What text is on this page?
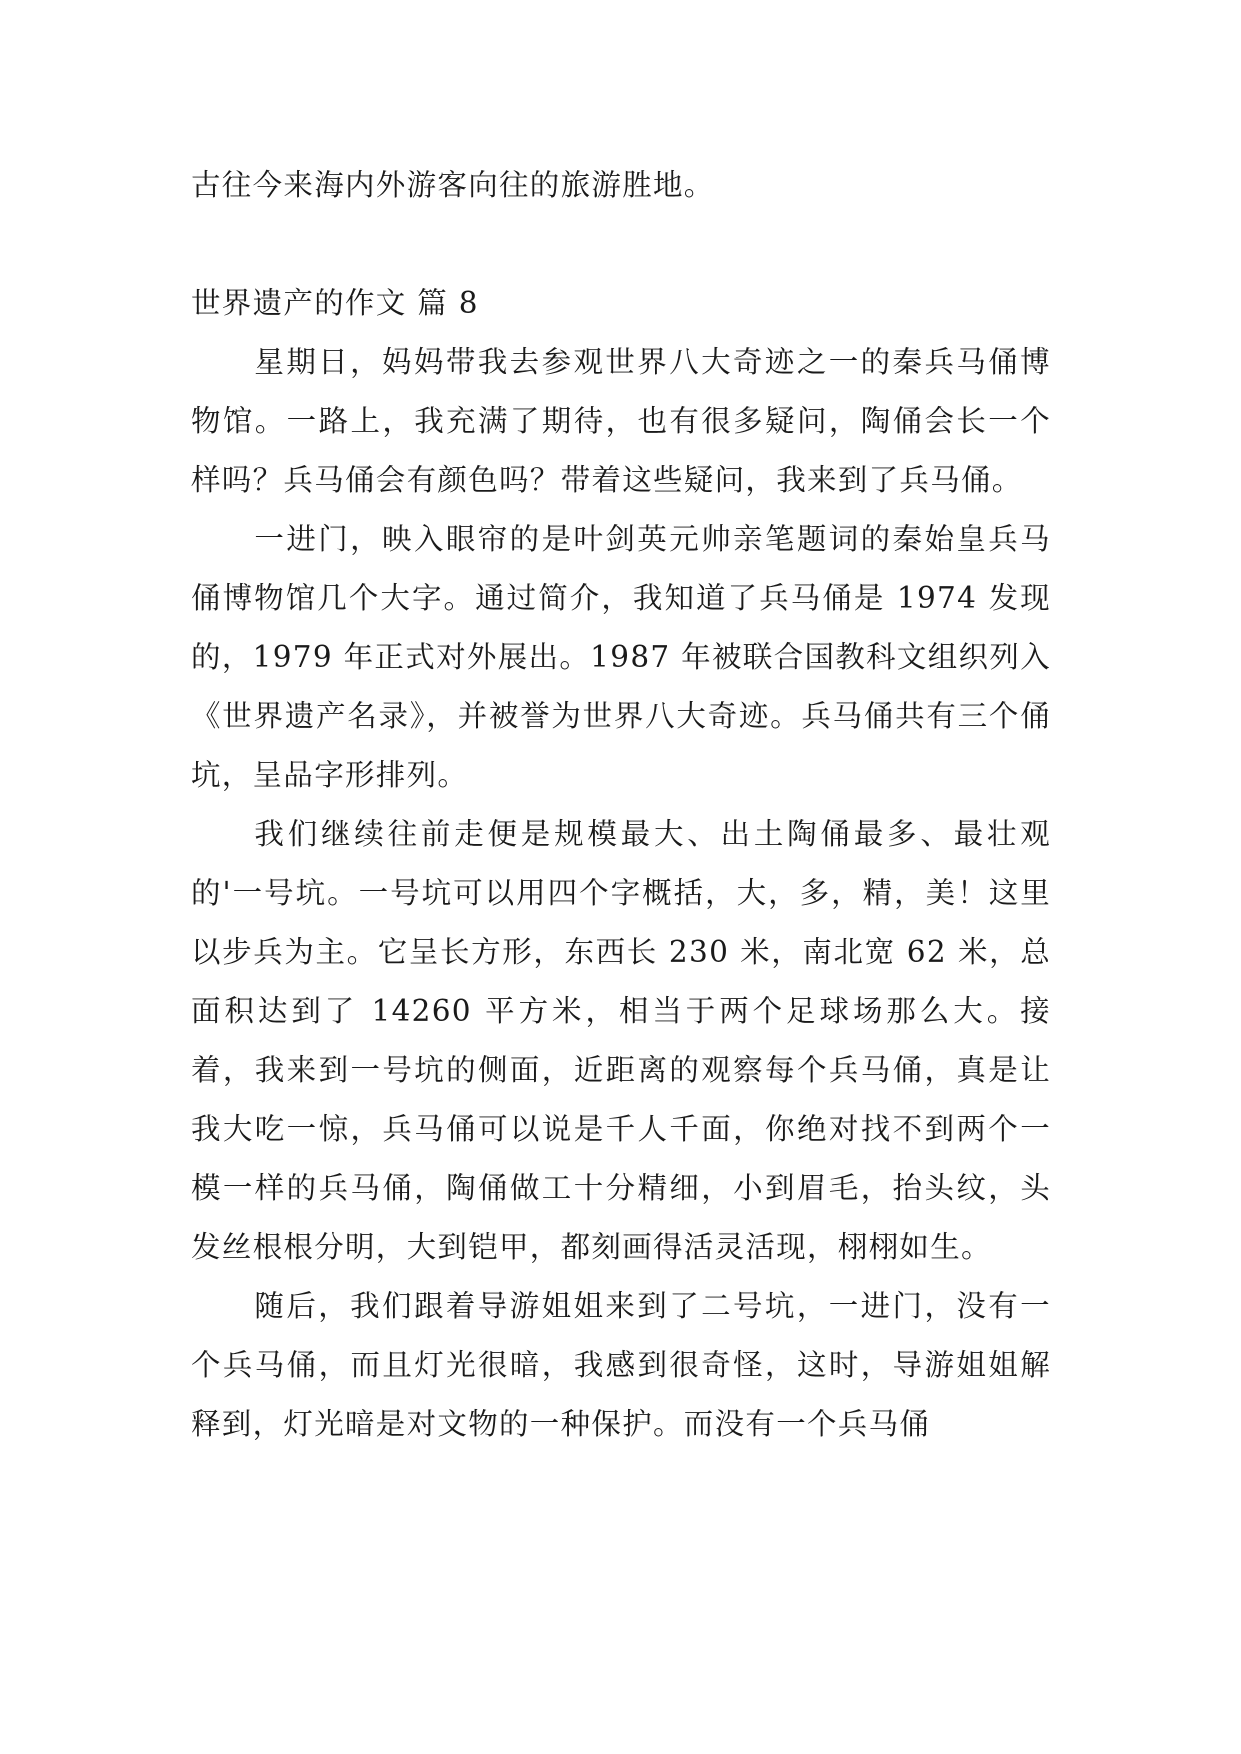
古往今来海内外游客向往的旅游胜地。

世界遗产的作文 篇 8

星期日，妈妈带我去参观世界八大奇迹之一的秦兵马俑博物馆。一路上，我充满了期待，也有很多疑问，陶俑会长一个样吗？兵马俑会有颜色吗？带着这些疑问，我来到了兵马俑。

一进门，映入眼帘的是叶剑英元帅亲笔题词的秦始皇兵马俑博物馆几个大字。通过简介，我知道了兵马俑是 1974 发现的，1979 年正式对外展出。1987 年被联合国教科文组织列入《世界遗产名录》，并被誉为世界八大奇迹。兵马俑共有三个俑坑，呈品字形排列。

我们继续往前走便是规模最大、出土陶俑最多、最壮观的'一号坑。一号坑可以用四个字概括，大，多，精，美！这里以步兵为主。它呈长方形，东西长 230 米，南北宽 62 米，总面积达到了 14260 平方米，相当于两个足球场那么大。接着，我来到一号坑的侧面，近距离的观察每个兵马俑，真是让我大吃一惊，兵马俑可以说是千人千面，你绝对找不到两个一模一样的兵马俑，陶俑做工十分精细，小到眉毛，抬头纹，头发丝根根分明，大到铠甲，都刻画得活灵活现，栩栩如生。

随后，我们跟着导游姐姐来到了二号坑，一进门，没有一个兵马俑，而且灯光很暗，我感到很奇怪，这时，导游姐姐解释到，灯光暗是对文物的一种保护。而没有一个兵马俑
